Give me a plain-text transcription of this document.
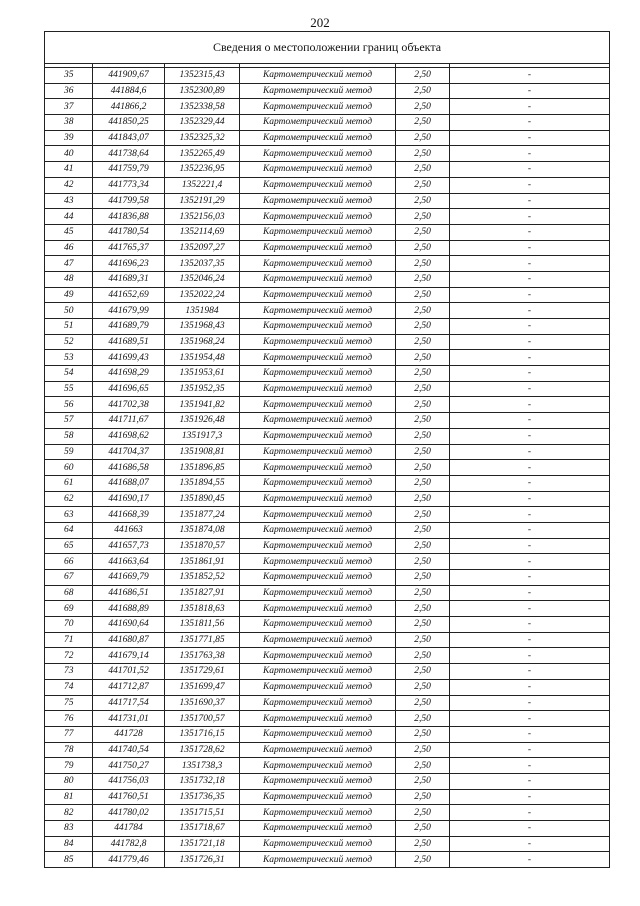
202
Сведения о местоположении границ объекта					

35	441909,67	1352315,43	Картометрический метод	2,50	-
36	441884,6	1352300,89	Картометрический метод	2,50	-
37	441866,2	1352338,58	Картометрический метод	2,50	-
38	441850,25	1352329,44	Картометрический метод	2,50	-
39	441843,07	1352325,32	Картометрический метод	2,50	-
40	441738,64	1352265,49	Картометрический метод	2,50	-
41	441759,79	1352236,95	Картометрический метод	2,50	-
42	441773,34	1352221,4	Картометрический метод	2,50	-
43	441799,58	1352191,29	Картометрический метод	2,50	-
44	441836,88	1352156,03	Картометрический метод	2,50	-
45	441780,54	1352114,69	Картометрический метод	2,50	-
46	441765,37	1352097,27	Картометрический метод	2,50	-
47	441696,23	1352037,35	Картометрический метод	2,50	-
48	441689,31	1352046,24	Картометрический метод	2,50	-
49	441652,69	1352022,24	Картометрический метод	2,50	-
50	441679,99	1351984	Картометрический метод	2,50	-
51	441689,79	1351968,43	Картометрический метод	2,50	-
52	441689,51	1351968,24	Картометрический метод	2,50	-
53	441699,43	1351954,48	Картометрический метод	2,50	-
54	441698,29	1351953,61	Картометрический метод	2,50	-
55	441696,65	1351952,35	Картометрический метод	2,50	-
56	441702,38	1351941,82	Картометрический метод	2,50	-
57	441711,67	1351926,48	Картометрический метод	2,50	-
58	441698,62	1351917,3	Картометрический метод	2,50	-
59	441704,37	1351908,81	Картометрический метод	2,50	-
60	441686,58	1351896,85	Картометрический метод	2,50	-
61	441688,07	1351894,55	Картометрический метод	2,50	-
62	441690,17	1351890,45	Картометрический метод	2,50	-
63	441668,39	1351877,24	Картометрический метод	2,50	-
64	441663	1351874,08	Картометрический метод	2,50	-
65	441657,73	1351870,57	Картометрический метод	2,50	-
66	441663,64	1351861,91	Картометрический метод	2,50	-
67	441669,79	1351852,52	Картометрический метод	2,50	-
68	441686,51	1351827,91	Картометрический метод	2,50	-
69	441688,89	1351818,63	Картометрический метод	2,50	-
70	441690,64	1351811,56	Картометрический метод	2,50	-
71	441680,87	1351771,85	Картометрический метод	2,50	-
72	441679,14	1351763,38	Картометрический метод	2,50	-
73	441701,52	1351729,61	Картометрический метод	2,50	-
74	441712,87	1351699,47	Картометрический метод	2,50	-
75	441717,54	1351690,37	Картометрический метод	2,50	-
76	441731,01	1351700,57	Картометрический метод	2,50	-
77	441728	1351716,15	Картометрический метод	2,50	-
78	441740,54	1351728,62	Картометрический метод	2,50	-
79	441750,27	1351738,3	Картометрический метод	2,50	-
80	441756,03	1351732,18	Картометрический метод	2,50	-
81	441760,51	1351736,35	Картометрический метод	2,50	-
82	441780,02	1351715,51	Картометрический метод	2,50	-
83	441784	1351718,67	Картометрический метод	2,50	-
84	441782,8	1351721,18	Картометрический метод	2,50	-
85	441779,46	1351726,31	Картометрический метод	2,50	-
